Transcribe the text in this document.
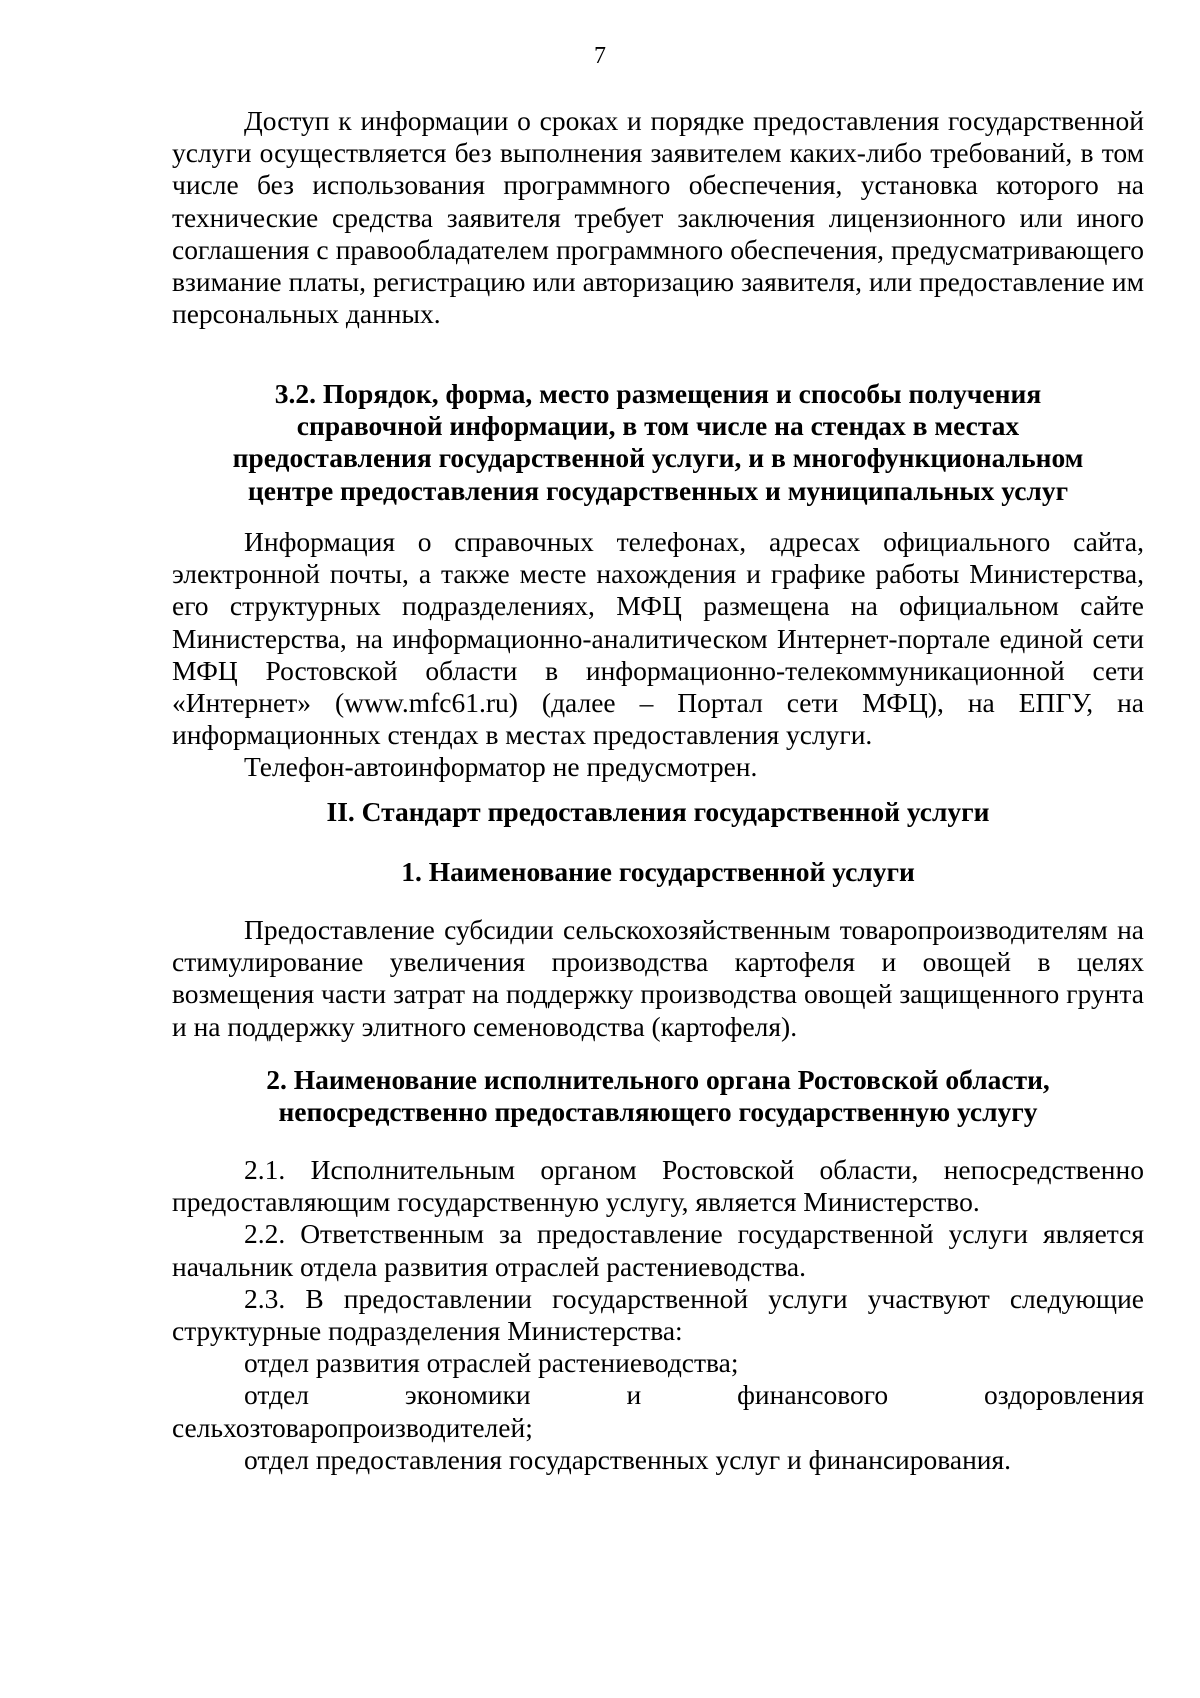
7

Доступ к информации о сроках и порядке предоставления государственной услуги осуществляется без выполнения заявителем каких-либо требований, в том числе без использования программного обеспечения, установка которого на технические средства заявителя требует заключения лицензионного или иного соглашения с правообладателем программного обеспечения, предусматривающего взимание платы, регистрацию или авторизацию заявителя, или предоставление им персональных данных.

3.2. Порядок, форма, место размещения и способы получения
справочной информации, в том числе на стендах в местах
предоставления государственной услуги, и в многофункциональном
центре предоставления государственных и муниципальных услуг

Информация о справочных телефонах, адресах официального сайта, электронной почты, а также месте нахождения и графике работы Министерства, его структурных подразделениях, МФЦ размещена на официальном сайте Министерства, на информационно-аналитическом Интернет-портале единой сети МФЦ Ростовской области в информационно-телекоммуникационной сети «Интернет» (www.mfc61.ru) (далее – Портал сети МФЦ), на ЕПГУ, на информационных стендах в местах предоставления услуги.

Телефон-автоинформатор не предусмотрен.

II. Стандарт предоставления государственной услуги
1. Наименование государственной услуги

Предоставление субсидии сельскохозяйственным товаропроизводителям на стимулирование увеличения производства картофеля и овощей в целях возмещения части затрат на поддержку производства овощей защищенного грунта и на поддержку элитного семеноводства (картофеля).

2. Наименование исполнительного органа Ростовской области,
непосредственно предоставляющего государственную услугу

2.1. Исполнительным органом Ростовской области, непосредственно предоставляющим государственную услугу, является Министерство.

2.2. Ответственным за предоставление государственной услуги является начальник отдела развития отраслей растениеводства.

2.3. В предоставлении государственной услуги участвуют следующие структурные подразделения Министерства:

отдел развития отраслей растениеводства;

отдел экономики и финансового оздоровления сельхозтоваропроизводителей;

отдел предоставления государственных услуг и финансирования.
